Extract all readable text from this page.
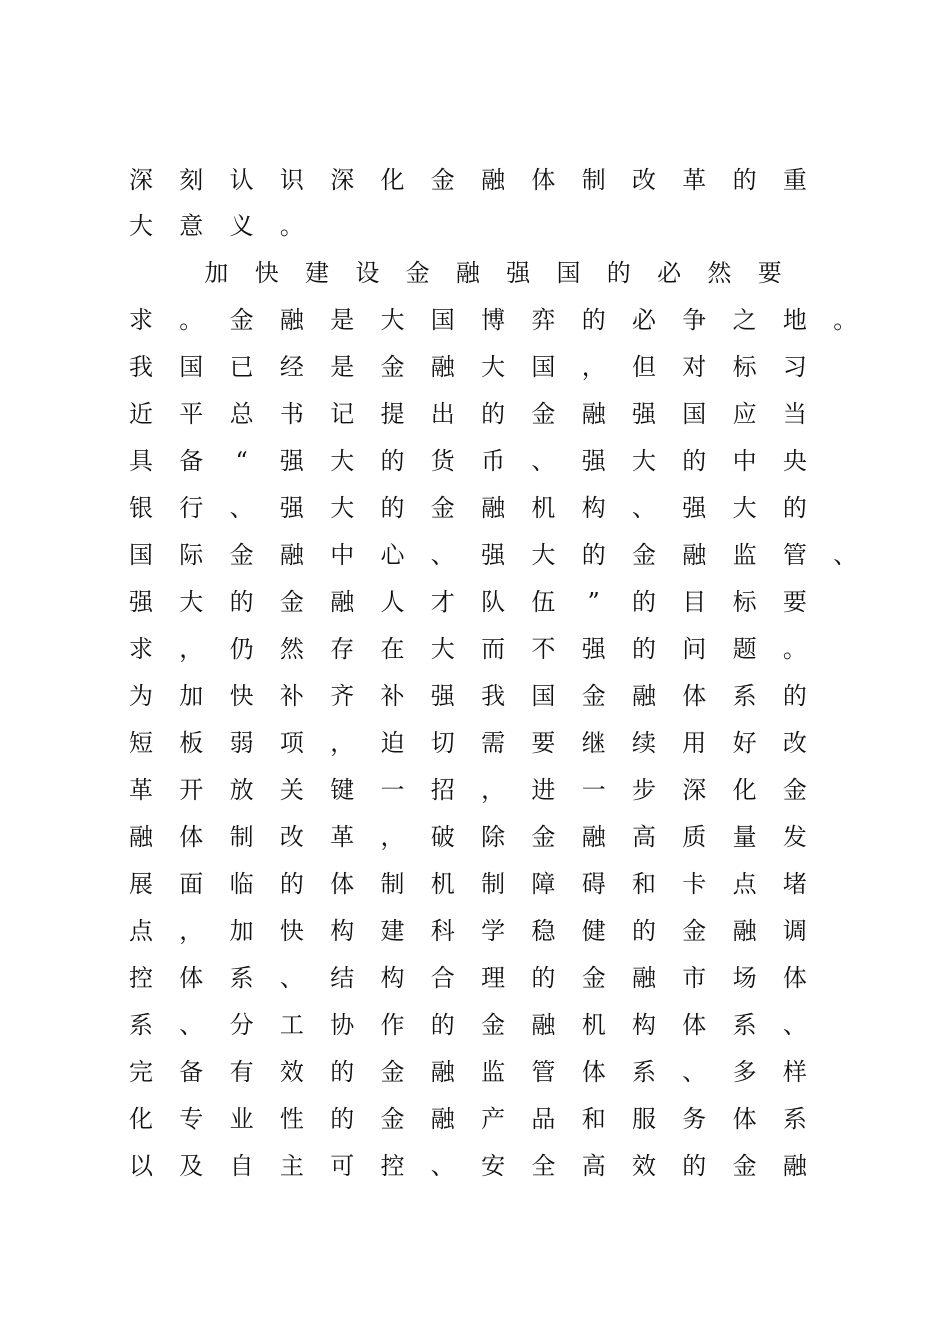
深 刻 认 识 深 化 金 融 体 制 改 革 的 重
大 意 义 。
加 快 建 设 金 融 强 国 的 必 然 要
求 。 金 融 是 大 国 博 弈 的 必 争 之 地 。
我 国 已 经 是 金 融 大 国 ， 但 对 标 习
近 平 总 书 记 提 出 的 金 融 强 国 应 当
具 备	“	强 大 的 货 币 、 强 大 的 中 央
银 行 、 强 大 的 金 融 机 构 、 强 大 的
国 际 金 融 中 心 、 强 大 的 金 融 监 管 、
强 大 的 金 融 人 才 队 伍	”	的 目 标 要
求 ， 仍 然 存 在 大 而 不 强 的 问 题 。
为 加 快 补 齐 补 强 我 国 金 融 体 系 的
短 板 弱 项 ， 迫 切 需 要 继 续 用 好 改
革 开 放 关 键 一 招 ， 进 一 步 深 化 金
融 体 制 改 革 ， 破 除 金 融 高 质 量 发
展 面 临 的 体 制 机 制 障 碍 和 卡 点 堵
点 ， 加 快 构 建 科 学 稳 健 的 金 融 调
控 体 系 、 结 构 合 理 的 金 融 市 场 体
系 、 分 工 协 作 的 金 融 机 构 体 系 、
完 备 有 效 的 金 融 监 管 体 系 、 多 样
化 专 业 性 的 金 融 产 品 和 服 务 体 系
以 及 自 主 可 控 、 安 全 高 效 的 金 融
